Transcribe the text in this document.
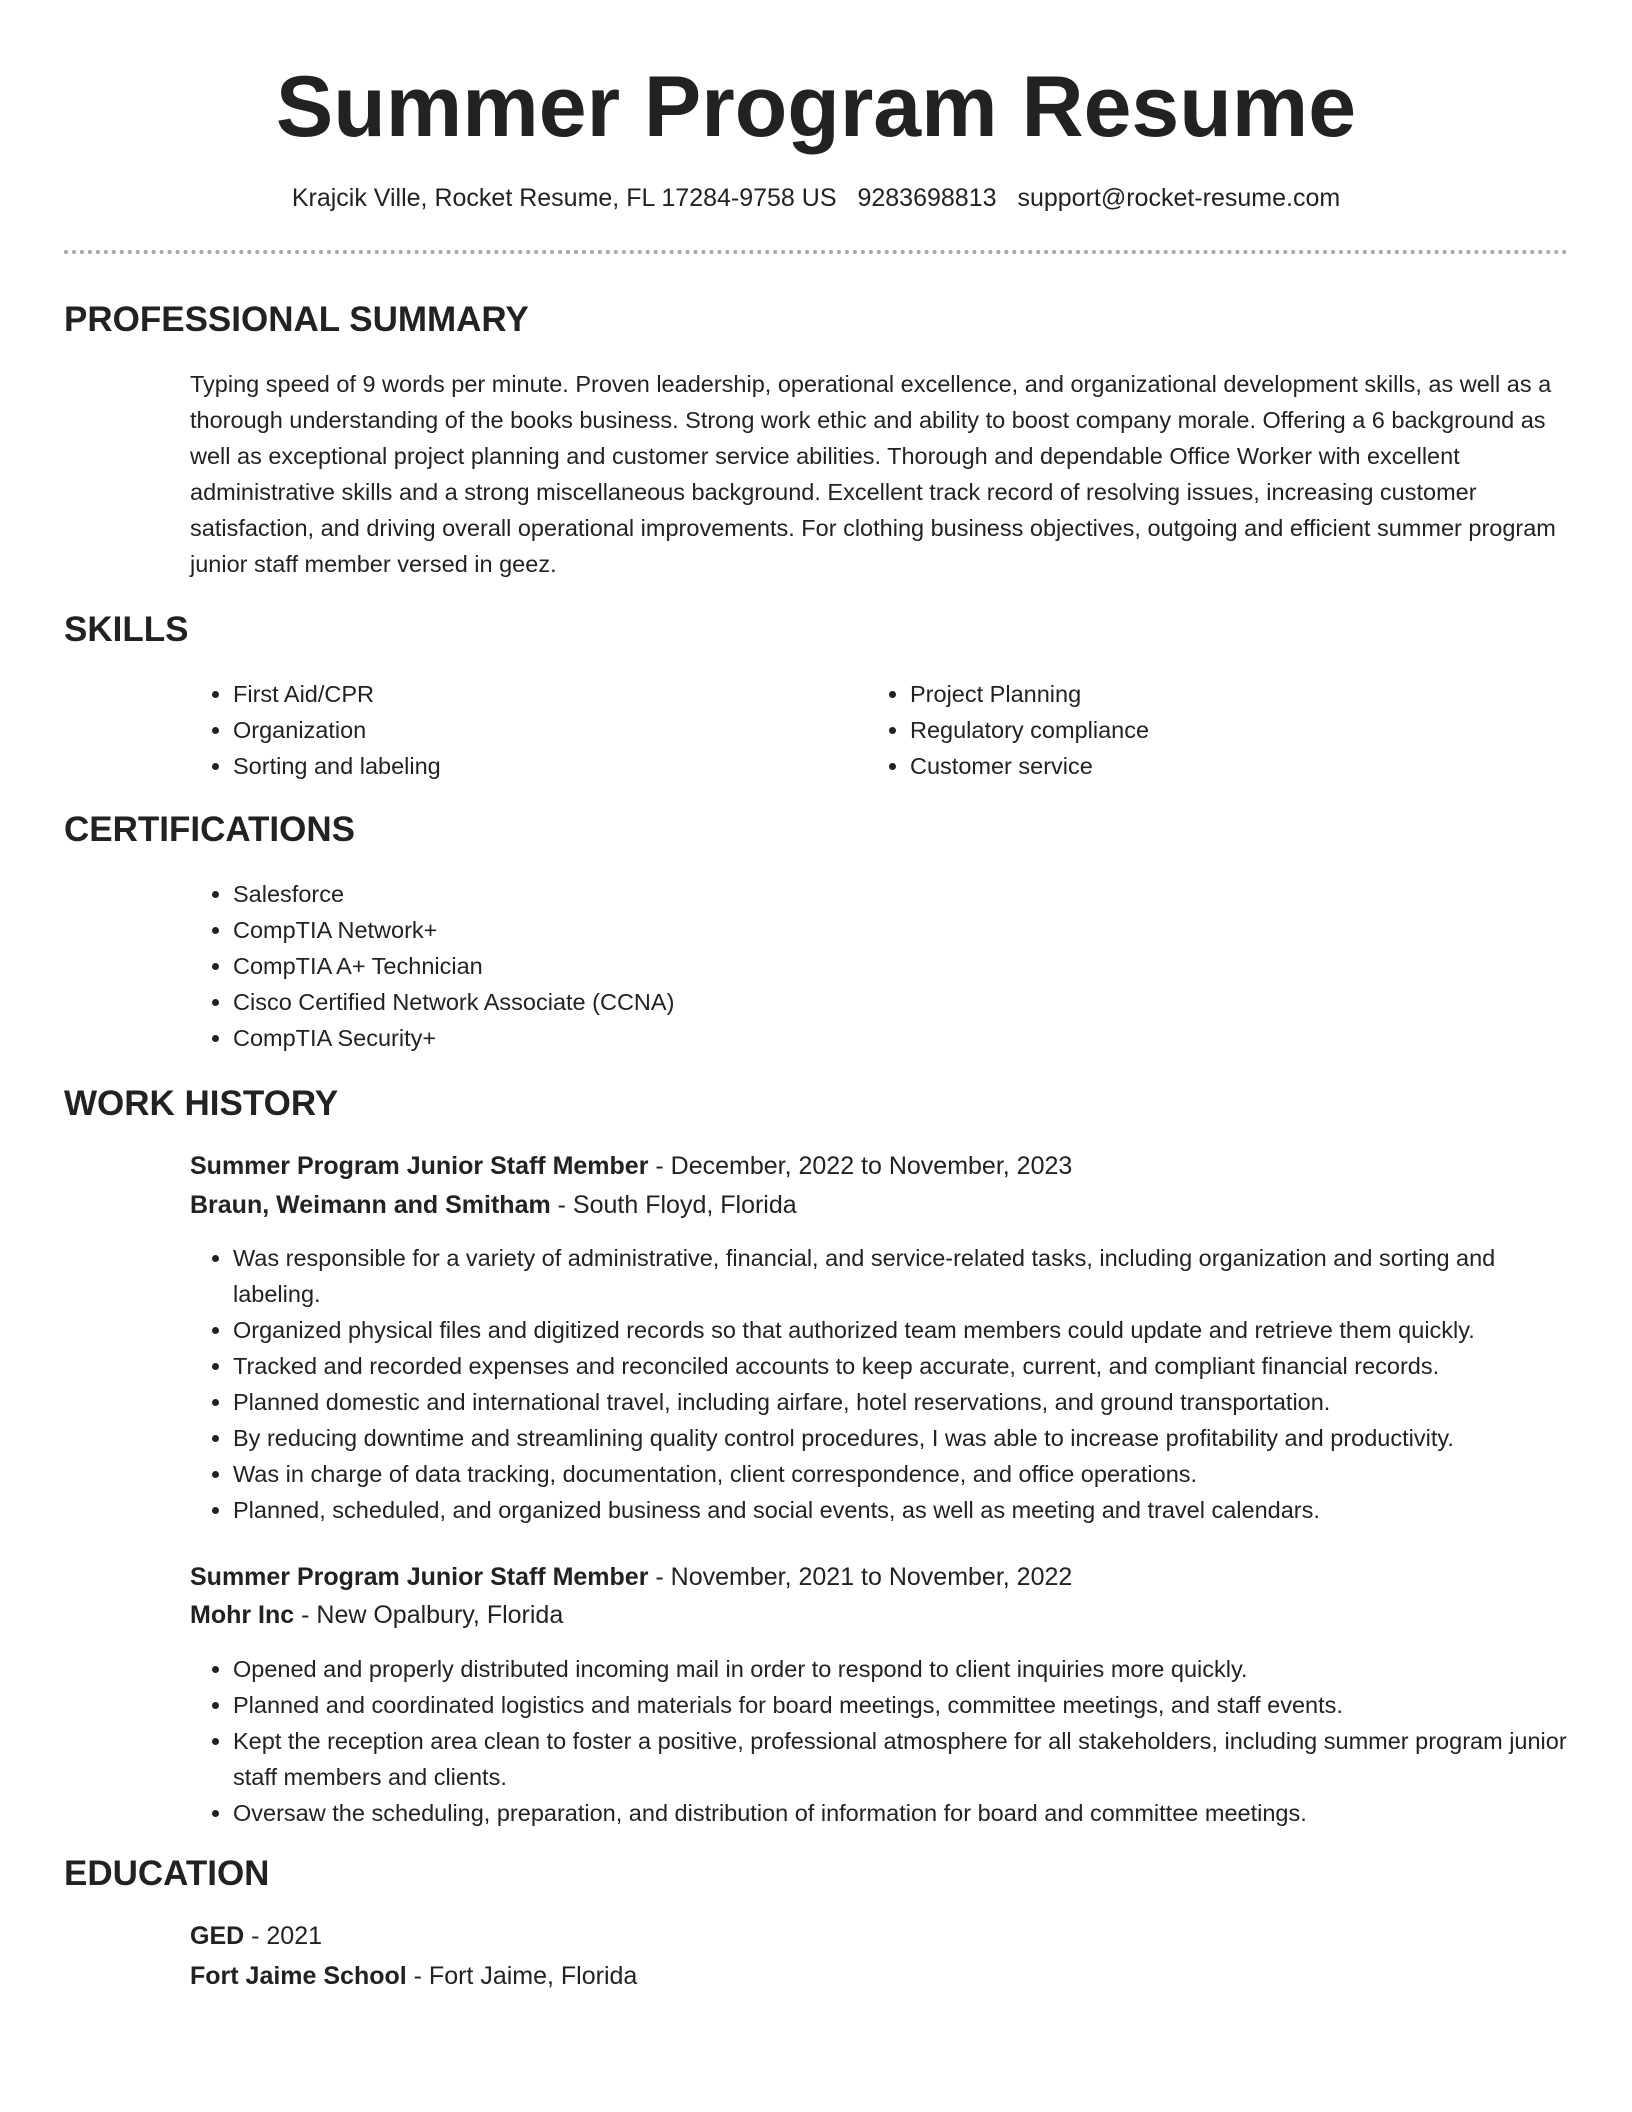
Summer Program Resume
Krajcik Ville, Rocket Resume, FL 17284-9758 US 9283698813 support@rocket-resume.com
PROFESSIONAL SUMMARY

Typing speed of 9 words per minute. Proven leadership, operational excellence, and organizational development skills, as well as a thorough understanding of the books business. Strong work ethic and ability to boost company morale. Offering a 6 background as well as exceptional project planning and customer service abilities. Thorough and dependable Office Worker with excellent administrative skills and a strong miscellaneous background. Excellent track record of resolving issues, increasing customer satisfaction, and driving overall operational improvements. For clothing business objectives, outgoing and efficient summer program junior staff member versed in geez.

SKILLS
• First Aid/CPR
• Organization
• Sorting and labeling
• Project Planning
• Regulatory compliance
• Customer service
CERTIFICATIONS
• Salesforce
• CompTIA Network+
• CompTIA A+ Technician
• Cisco Certified Network Associate (CCNA)
• CompTIA Security+
WORK HISTORY
Summer Program Junior Staff Member - December, 2022 to November, 2023
Braun, Weimann and Smitham - South Floyd, Florida
• Was responsible for a variety of administrative, financial, and service-related tasks, including organization and sorting and labeling.
• Organized physical files and digitized records so that authorized team members could update and retrieve them quickly.
• Tracked and recorded expenses and reconciled accounts to keep accurate, current, and compliant financial records.
• Planned domestic and international travel, including airfare, hotel reservations, and ground transportation.
• By reducing downtime and streamlining quality control procedures, I was able to increase profitability and productivity.
• Was in charge of data tracking, documentation, client correspondence, and office operations.
• Planned, scheduled, and organized business and social events, as well as meeting and travel calendars.
Summer Program Junior Staff Member - November, 2021 to November, 2022
Mohr Inc - New Opalbury, Florida
• Opened and properly distributed incoming mail in order to respond to client inquiries more quickly.
• Planned and coordinated logistics and materials for board meetings, committee meetings, and staff events.
• Kept the reception area clean to foster a positive, professional atmosphere for all stakeholders, including summer program junior staff members and clients.
• Oversaw the scheduling, preparation, and distribution of information for board and committee meetings.
EDUCATION
GED - 2021
Fort Jaime School - Fort Jaime, Florida
